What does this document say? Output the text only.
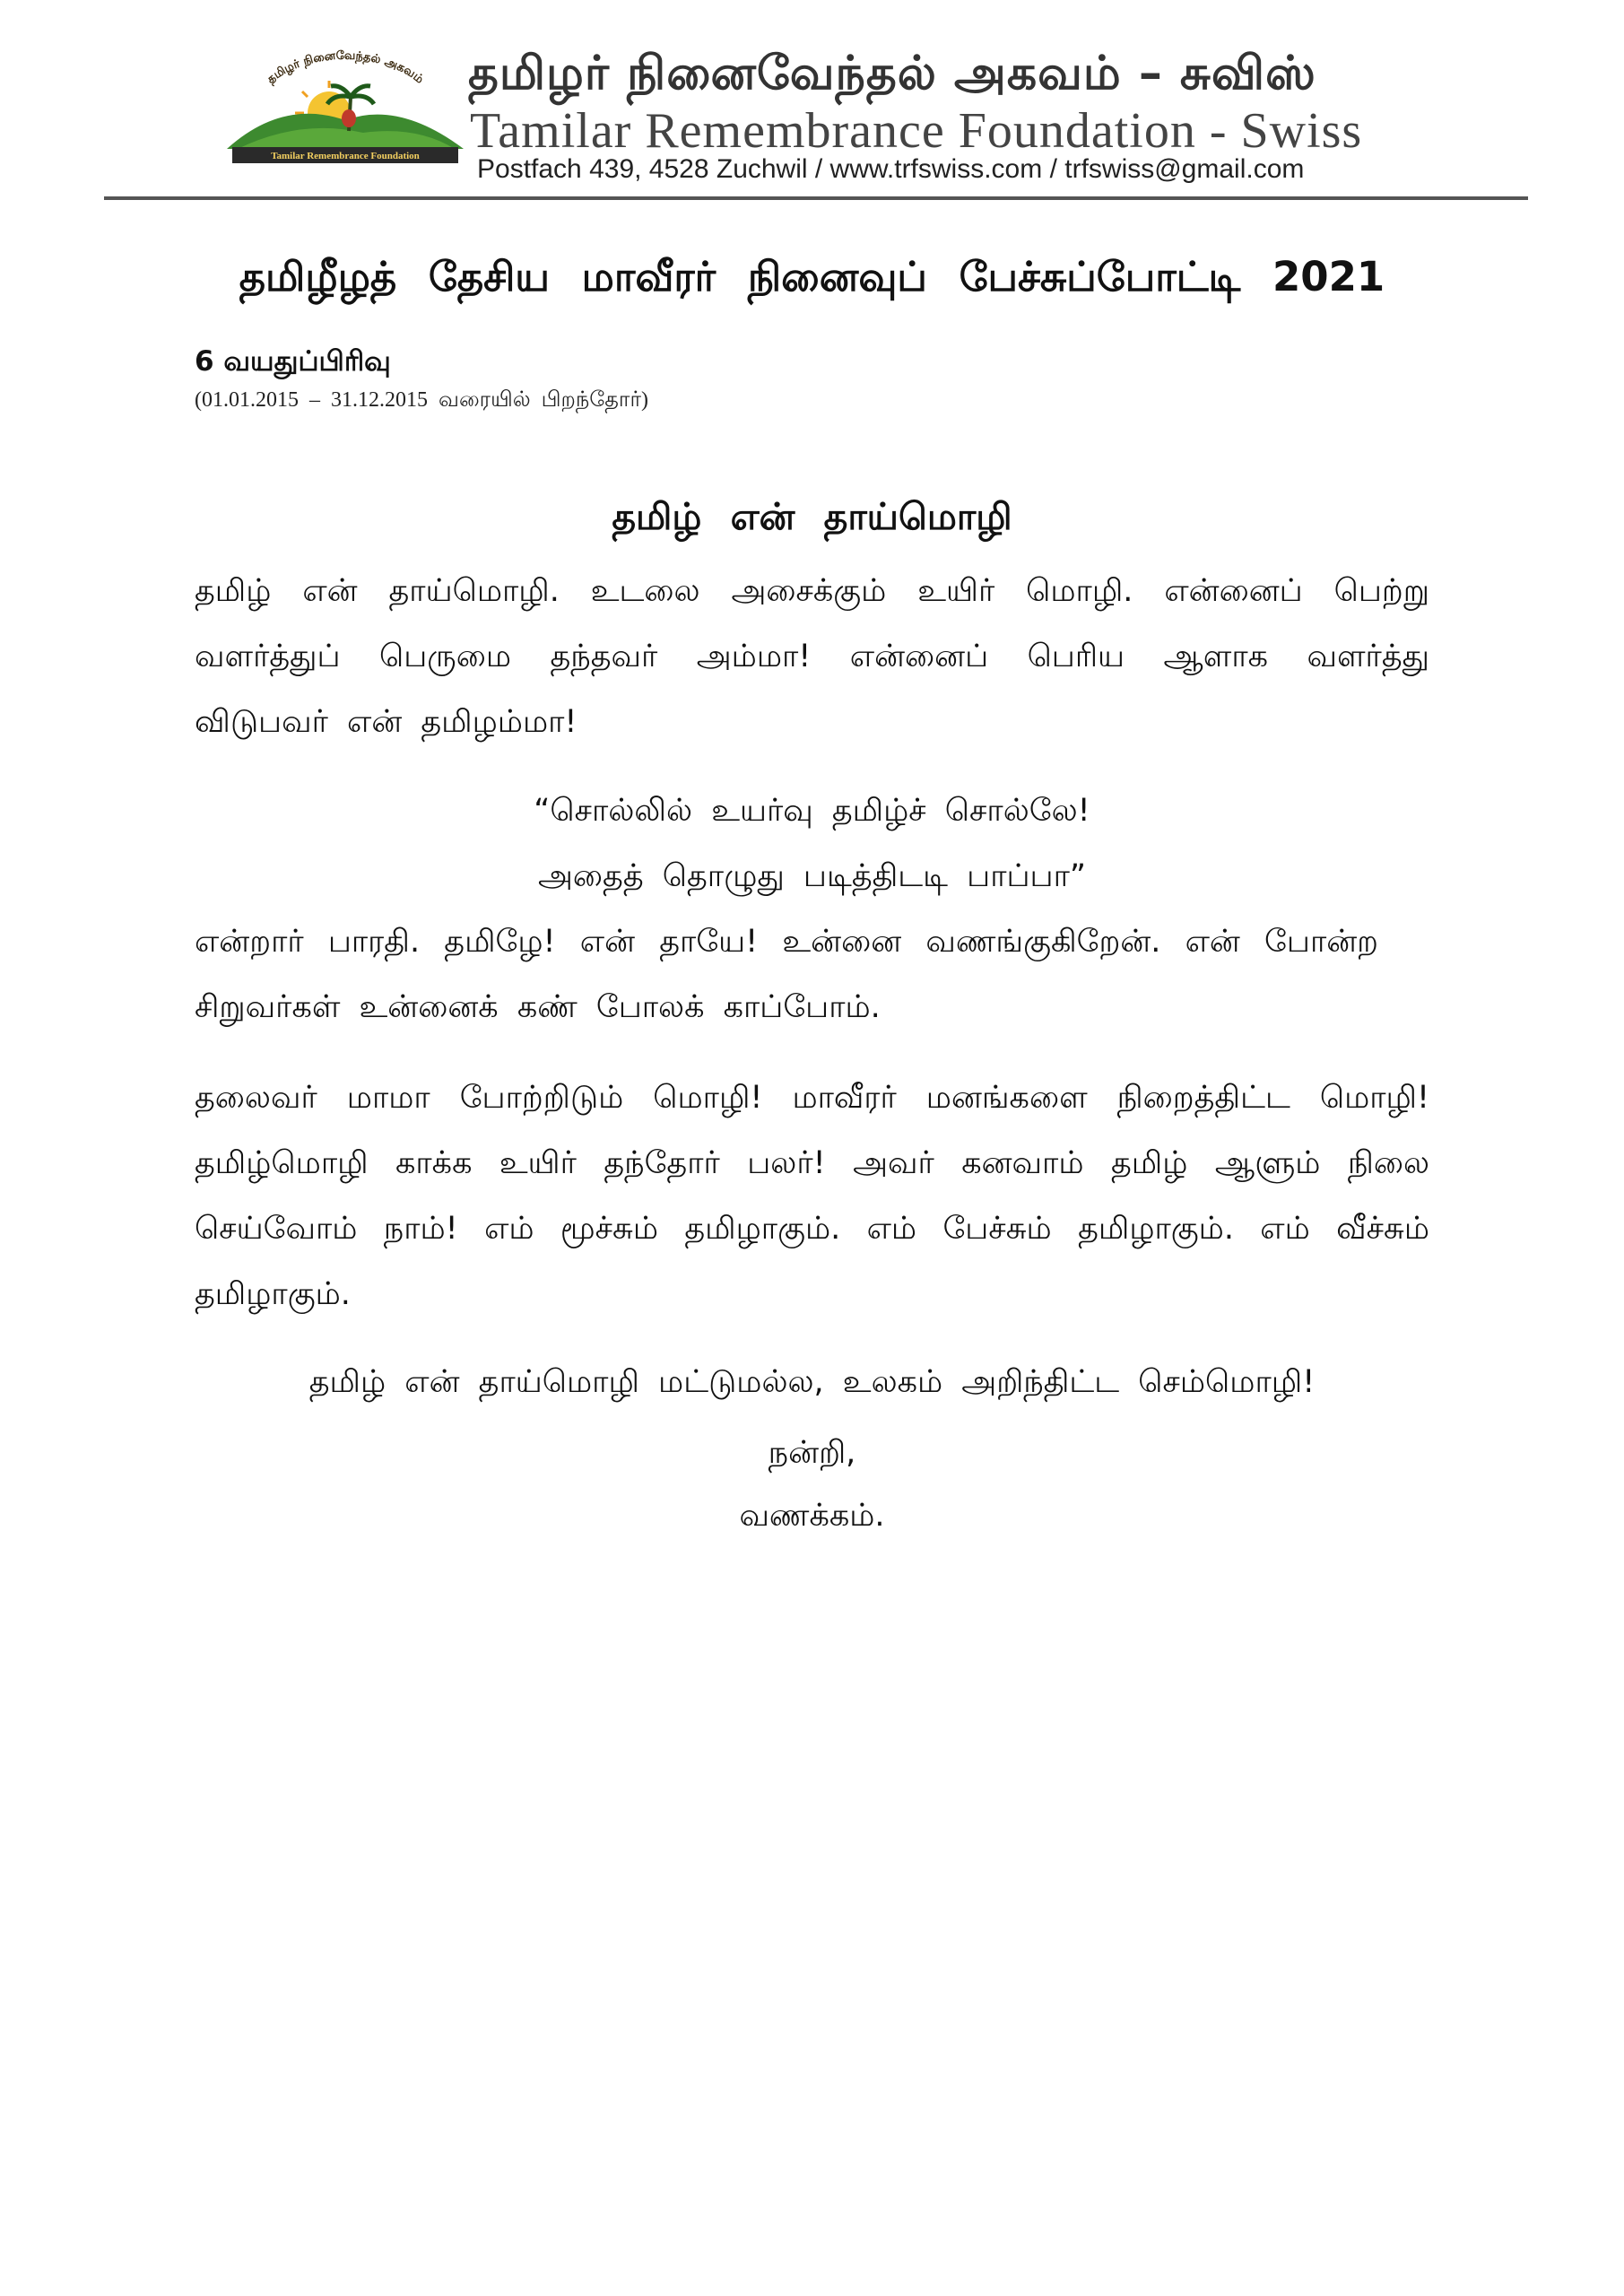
தமிழர் நினைவேந்தல் அகவம்
Tamilar Remembrance Foundation
தமிழர் நினைவேந்தல் அகவம் – சுவிஸ்
Tamilar Remembrance Foundation - Swiss
Postfach 439, 4528 Zuchwil / www.trfswiss.com / trfswiss@gmail.com
தமிழீழத் தேசிய மாவீரர் நினைவுப் பேச்சுப்போட்டி 2021
6 வயதுப்பிரிவு
(01.01.2015 – 31.12.2015 வரையில் பிறந்தோர்)
தமிழ் என் தாய்மொழி

தமிழ் என் தாய்மொழி. உடலை அசைக்கும் உயிர் மொழி. என்னைப் பெற்று வளர்த்துப் பெருமை தந்தவர் அம்மா! என்னைப் பெரிய ஆளாக வளர்த்து விடுபவர் என் தமிழம்மா!

“சொல்லில் உயர்வு தமிழ்ச் சொல்லே!
அதைத் தொழுது படித்திடடி பாப்பா”

என்றார் பாரதி. தமிழே! என் தாயே! உன்னை வணங்குகிறேன். என் போன்ற சிறுவர்கள் உன்னைக் கண் போலக் காப்போம்.

தலைவர் மாமா போற்றிடும் மொழி! மாவீரர் மனங்களை நிறைத்திட்ட மொழி! தமிழ்மொழி காக்க உயிர் தந்தோர் பலர்! அவர் கனவாம் தமிழ் ஆளும் நிலை செய்வோம் நாம்! எம் மூச்சும் தமிழாகும். எம் பேச்சும் தமிழாகும். எம் வீச்சும் தமிழாகும்.

தமிழ் என் தாய்மொழி மட்டுமல்ல, உலகம் அறிந்திட்ட செம்மொழி!
நன்றி,
வணக்கம்.
